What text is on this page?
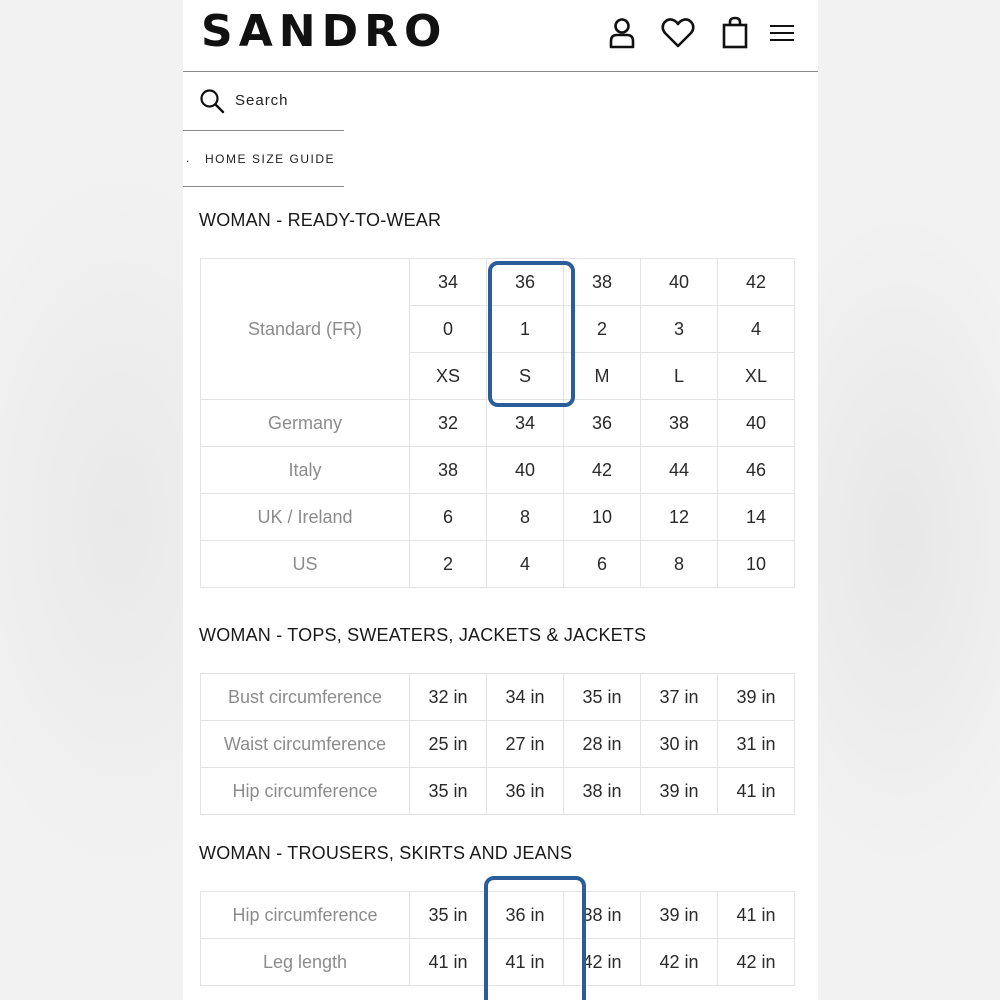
SANDRO
Search
. HOME SIZE GUIDE
WOMAN - READY-TO-WEAR
Standard (FR)	34	36	38	40	42
	0	1	2	3	4
	XS	S	M	L	XL
Germany	32	34	36	38	40
Italy	38	40	42	44	46
UK / Ireland	6	8	10	12	14
US	2	4	6	8	10
WOMAN - TOPS, SWEATERS, JACKETS & JACKETS
Bust circumference	32 in	34 in	35 in	37 in	39 in
Waist circumference	25 in	27 in	28 in	30 in	31 in
Hip circumference	35 in	36 in	38 in	39 in	41 in
WOMAN - TROUSERS, SKIRTS AND JEANS
Hip circumference	35 in	36 in	38 in	39 in	41 in
Leg length	41 in	41 in	42 in	42 in	42 in
